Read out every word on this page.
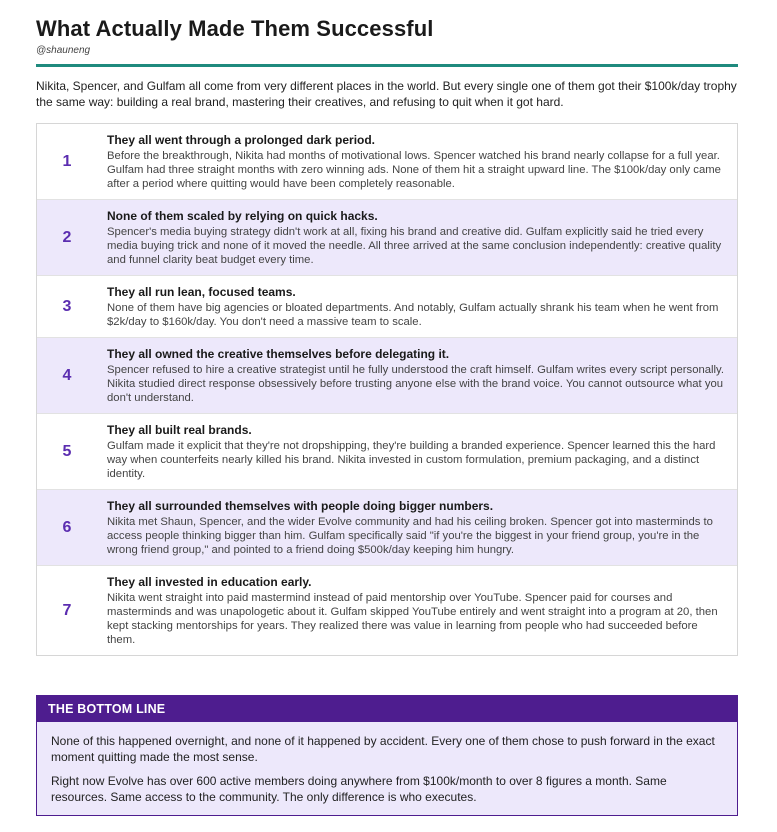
What Actually Made Them Successful
@shauneng

Nikita, Spencer, and Gulfam all come from very different places in the world. But every single one of them got their $100k/day trophy the same way: building a real brand, mastering their creatives, and refusing to quit when it got hard.

1
They all went through a prolonged dark period.
Before the breakthrough, Nikita had months of motivational lows. Spencer watched his brand nearly collapse for a full year. Gulfam had three straight months with zero winning ads. None of them hit a straight upward line. The $100k/day only came after a period where quitting would have been completely reasonable.
2
None of them scaled by relying on quick hacks.
Spencer's media buying strategy didn't work at all, fixing his brand and creative did. Gulfam explicitly said he tried every media buying trick and none of it moved the needle. All three arrived at the same conclusion independently: creative quality and funnel clarity beat budget every time.
3
They all run lean, focused teams.
None of them have big agencies or bloated departments. And notably, Gulfam actually shrank his team when he went from $2k/day to $160k/day. You don't need a massive team to scale.
4
They all owned the creative themselves before delegating it.
Spencer refused to hire a creative strategist until he fully understood the craft himself. Gulfam writes every script personally. Nikita studied direct response obsessively before trusting anyone else with the brand voice. You cannot outsource what you don't understand.
5
They all built real brands.
Gulfam made it explicit that they're not dropshipping, they're building a branded experience. Spencer learned this the hard way when counterfeits nearly killed his brand. Nikita invested in custom formulation, premium packaging, and a distinct identity.
6
They all surrounded themselves with people doing bigger numbers.
Nikita met Shaun, Spencer, and the wider Evolve community and had his ceiling broken. Spencer got into masterminds to access people thinking bigger than him. Gulfam specifically said "if you're the biggest in your friend group, you're in the wrong friend group," and pointed to a friend doing $500k/day keeping him hungry.
7
They all invested in education early.
Nikita went straight into paid mastermind instead of paid mentorship over YouTube. Spencer paid for courses and masterminds and was unapologetic about it. Gulfam skipped YouTube entirely and went straight into a program at 20, then kept stacking mentorships for years. They realized there was value in learning from people who had succeeded before them.
THE BOTTOM LINE

None of this happened overnight, and none of it happened by accident. Every one of them chose to push forward in the exact moment quitting made the most sense.

Right now Evolve has over 600 active members doing anywhere from $100k/month to over 8 figures a month. Same resources. Same access to the community. The only difference is who executes.
